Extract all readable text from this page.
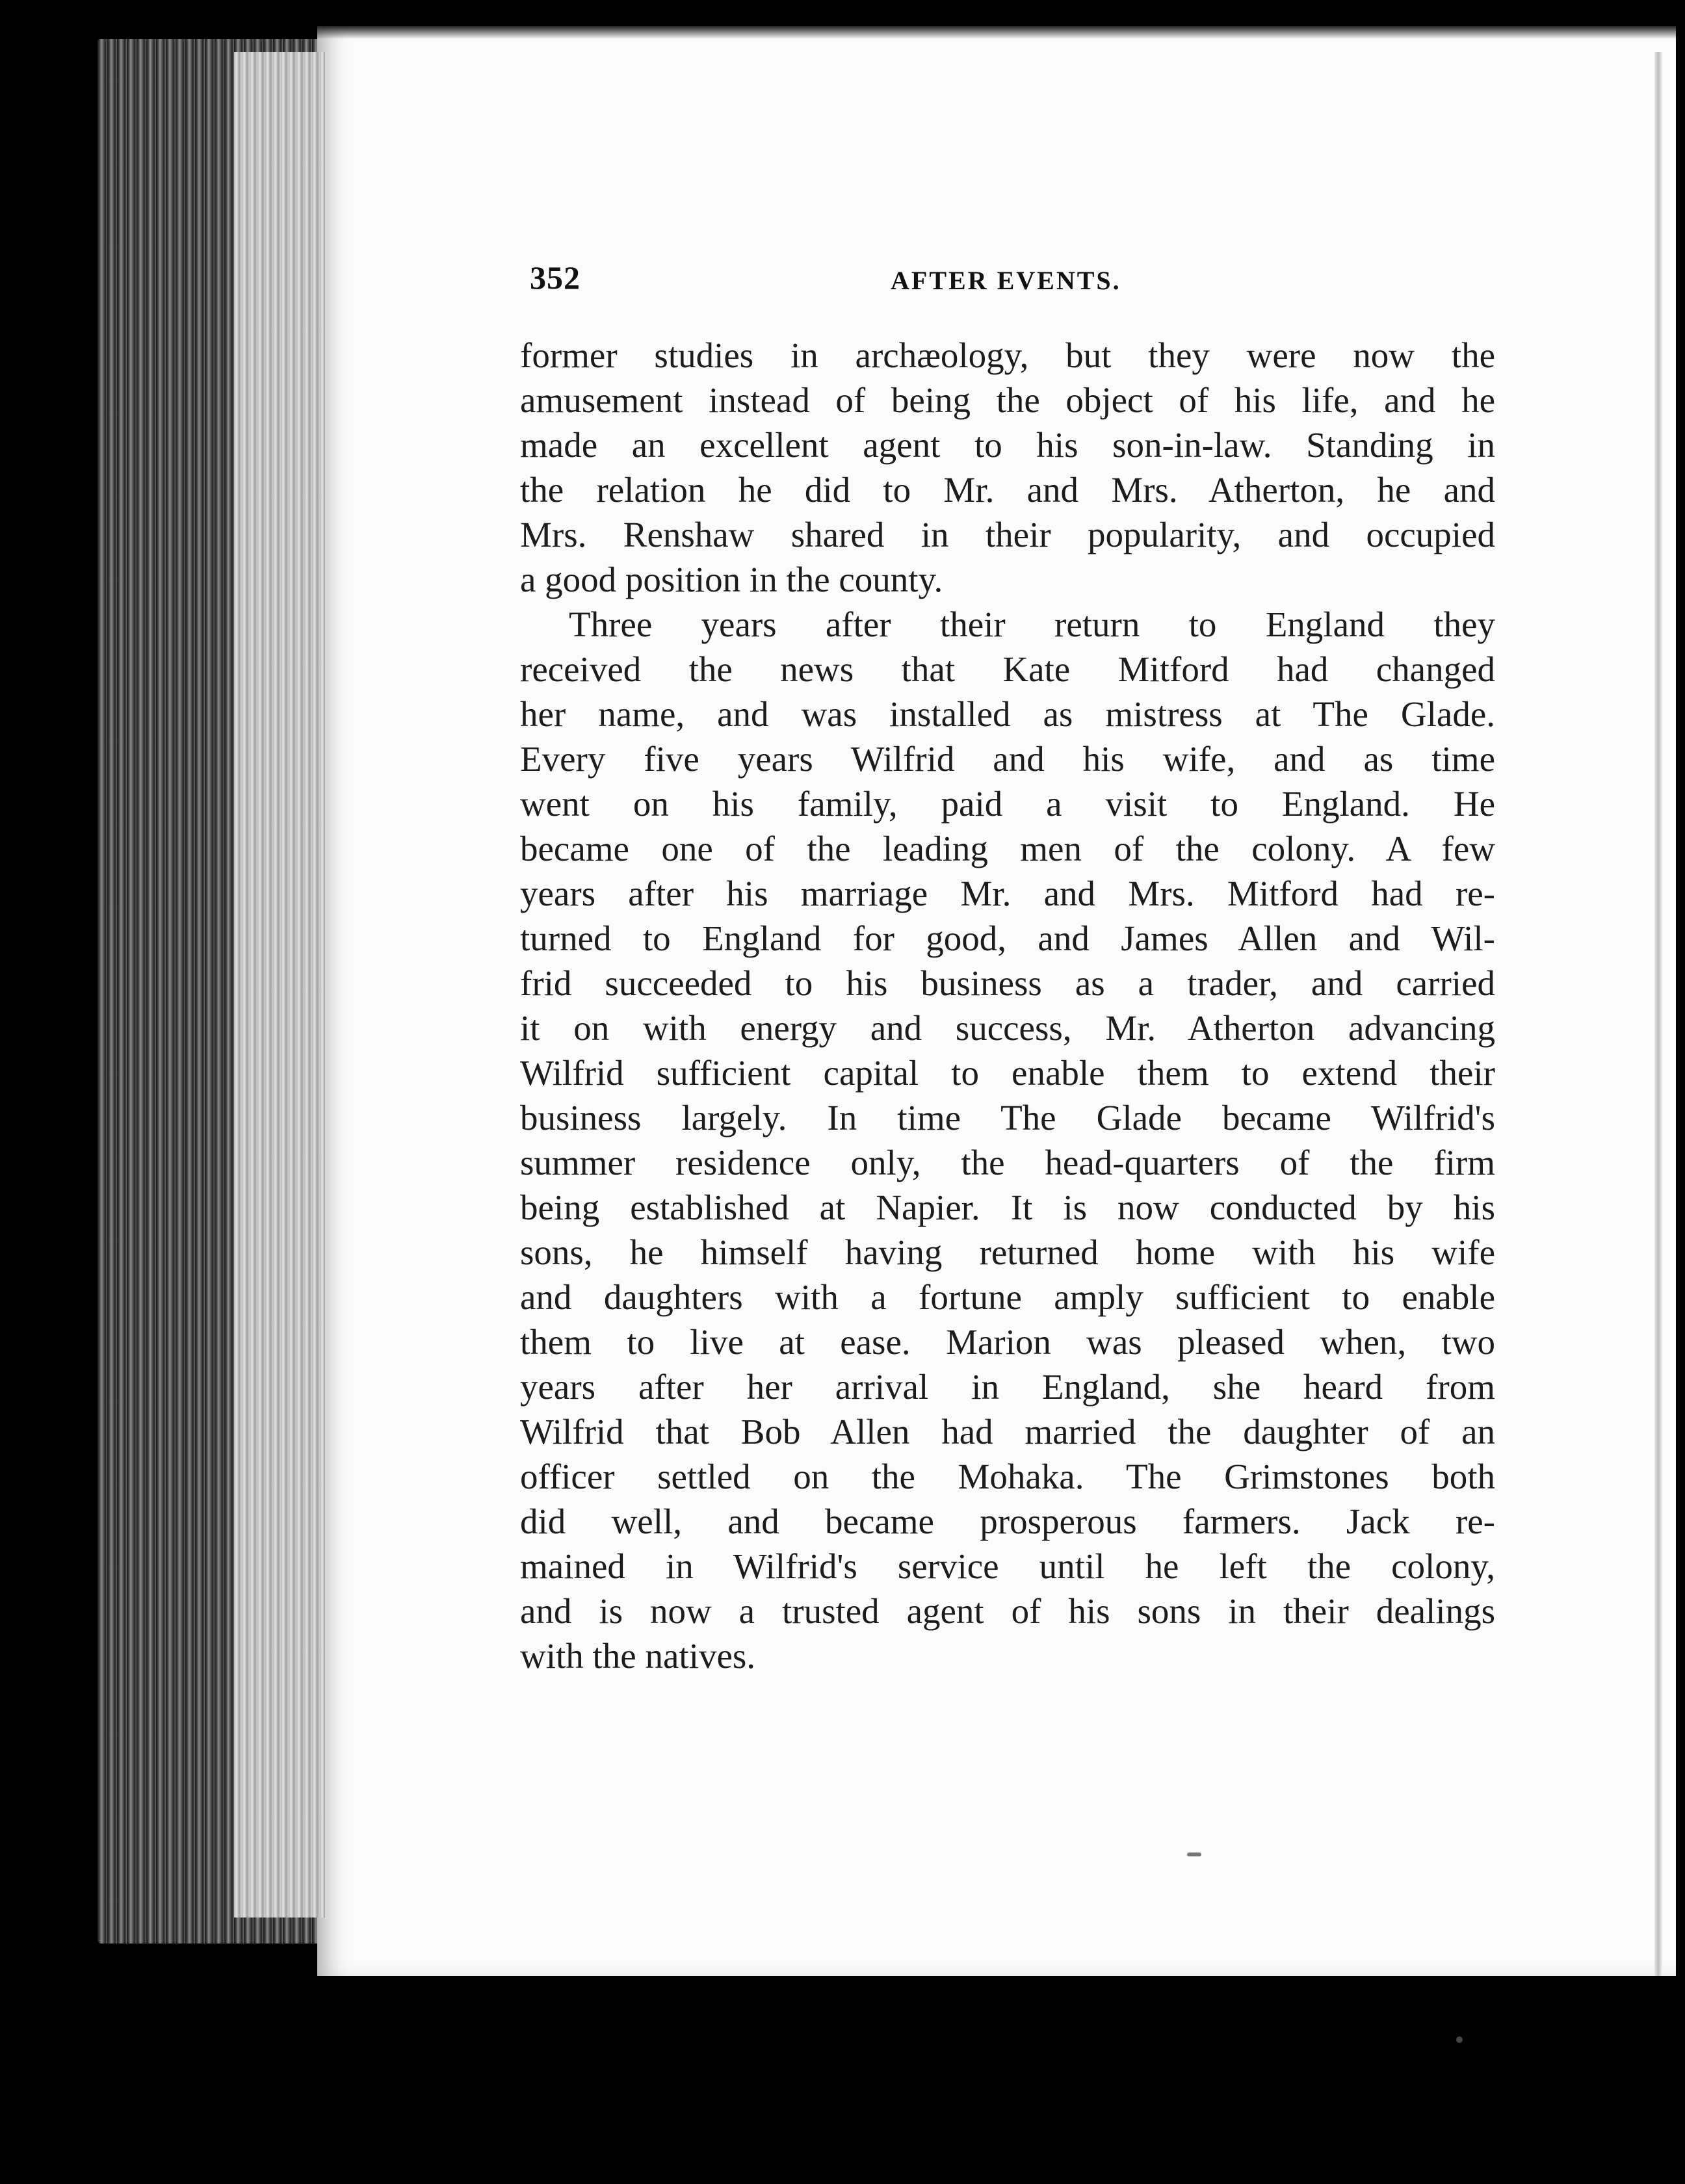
352	AFTER EVENTS.
former studies in archæology, but they were now the
amusement instead of being the object of his life, and he
made an excellent agent to his son-in-law. Standing in
the relation he did to Mr. and Mrs. Atherton, he and
Mrs. Renshaw shared in their popularity, and occupied
a good position in the county.
Three years after their return to England they
received the news that Kate Mitford had changed
her name, and was installed as mistress at The Glade.
Every five years Wilfrid and his wife, and as time
went on his family, paid a visit to England. He
became one of the leading men of the colony. A few
years after his marriage Mr. and Mrs. Mitford had re-
turned to England for good, and James Allen and Wil-
frid succeeded to his business as a trader, and carried
it on with energy and success, Mr. Atherton advancing
Wilfrid sufficient capital to enable them to extend their
business largely. In time The Glade became Wilfrid's
summer residence only, the head-quarters of the firm
being established at Napier. It is now conducted by his
sons, he himself having returned home with his wife
and daughters with a fortune amply sufficient to enable
them to live at ease. Marion was pleased when, two
years after her arrival in England, she heard from
Wilfrid that Bob Allen had married the daughter of an
officer settled on the Mohaka. The Grimstones both
did well, and became prosperous farmers. Jack re-
mained in Wilfrid's service until he left the colony,
and is now a trusted agent of his sons in their dealings
with the natives.
